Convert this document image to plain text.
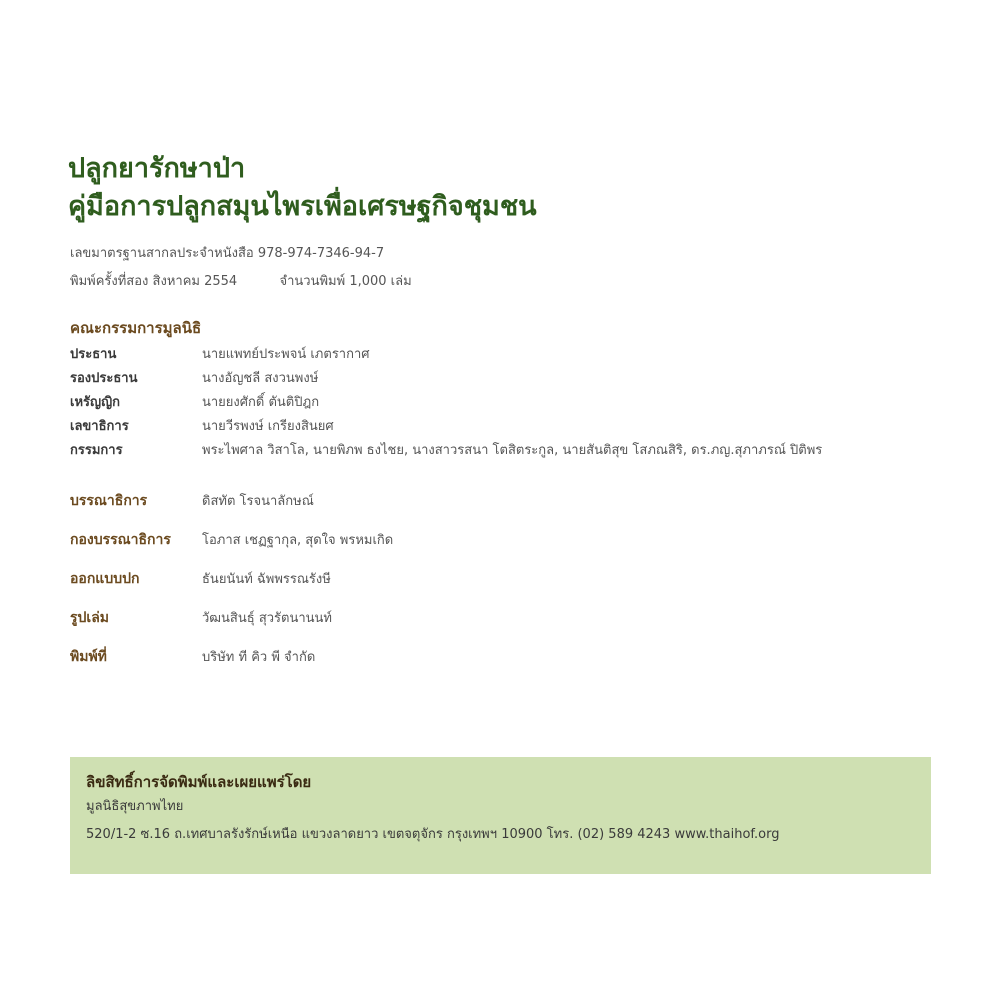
ปลูกยารักษาป่า
คู่มือการปลูกสมุนไพรเพื่อเศรษฐกิจชุมชน
เลขมาตรฐานสากลประจำหนังสือ 978-974-7346-94-7
พิมพ์ครั้งที่สอง สิงหาคม 2554	จำนวนพิมพ์ 1,000 เล่ม
คณะกรรมการมูลนิธิ
ประธาน	นายแพทย์ประพจน์ เภตรากาศ
รองประธาน	นางอัญชลี สงวนพงษ์
เหรัญญิก	นายยงศักดิ์ ตันติปิฎก
เลขาธิการ	นายวีรพงษ์ เกรียงสินยศ
กรรมการ	พระไพศาล วิสาโล, นายพิภพ ธงไชย, นางสาวรสนา โตสิตระกูล, นายสันติสุข โสภณสิริ, ดร.ภญ.สุภาภรณ์ ปิติพร
บรรณาธิการ	ดิสทัต โรจนาลักษณ์
กองบรรณาธิการ	โอภาส เชฏฐากุล, สุดใจ พรหมเกิด
ออกแบบปก	ธันยนันท์ ฉัพพรรณรังษี
รูปเล่ม	วัฒนสินธุ์ สุวรัตนานนท์
พิมพ์ที่	บริษัท ที คิว พี จำกัด
ลิขสิทธิ์การจัดพิมพ์และเผยแพร่โดย
มูลนิธิสุขภาพไทย
520/1-2 ซ.16 ถ.เทศบาลรังรักษ์เหนือ แขวงลาดยาว เขตจตุจักร กรุงเทพฯ 10900 โทร. (02) 589 4243 www.thaihof.org
